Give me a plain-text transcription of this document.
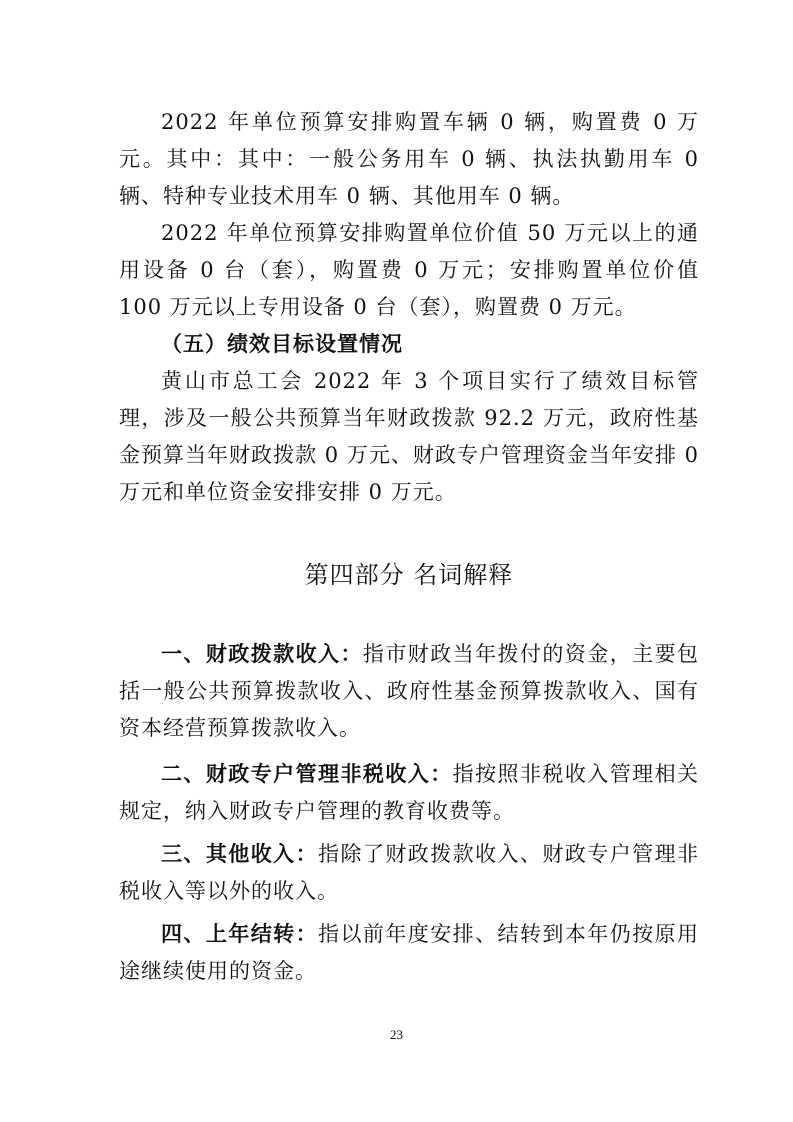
2022 年单位预算安排购置车辆 0 辆，购置费 0 万元。其中：其中：一般公务用车 0 辆、执法执勤用车 0 辆、特种专业技术用车 0 辆、其他用车 0 辆。

2022 年单位预算安排购置单位价值 50 万元以上的通用设备 0 台（套），购置费 0 万元；安排购置单位价值 100 万元以上专用设备 0 台（套），购置费 0 万元。

（五）绩效目标设置情况

黄山市总工会 2022 年 3 个项目实行了绩效目标管理，涉及一般公共预算当年财政拨款 92.2 万元，政府性基金预算当年财政拨款 0 万元、财政专户管理资金当年安排 0 万元和单位资金安排安排 0 万元。

第四部分 名词解释

一、财政拨款收入：指市财政当年拨付的资金，主要包括一般公共预算拨款收入、政府性基金预算拨款收入、国有资本经营预算拨款收入。

二、财政专户管理非税收入：指按照非税收入管理相关规定，纳入财政专户管理的教育收费等。

三、其他收入：指除了财政拨款收入、财政专户管理非税收入等以外的收入。

四、上年结转：指以前年度安排、结转到本年仍按原用途继续使用的资金。

23
